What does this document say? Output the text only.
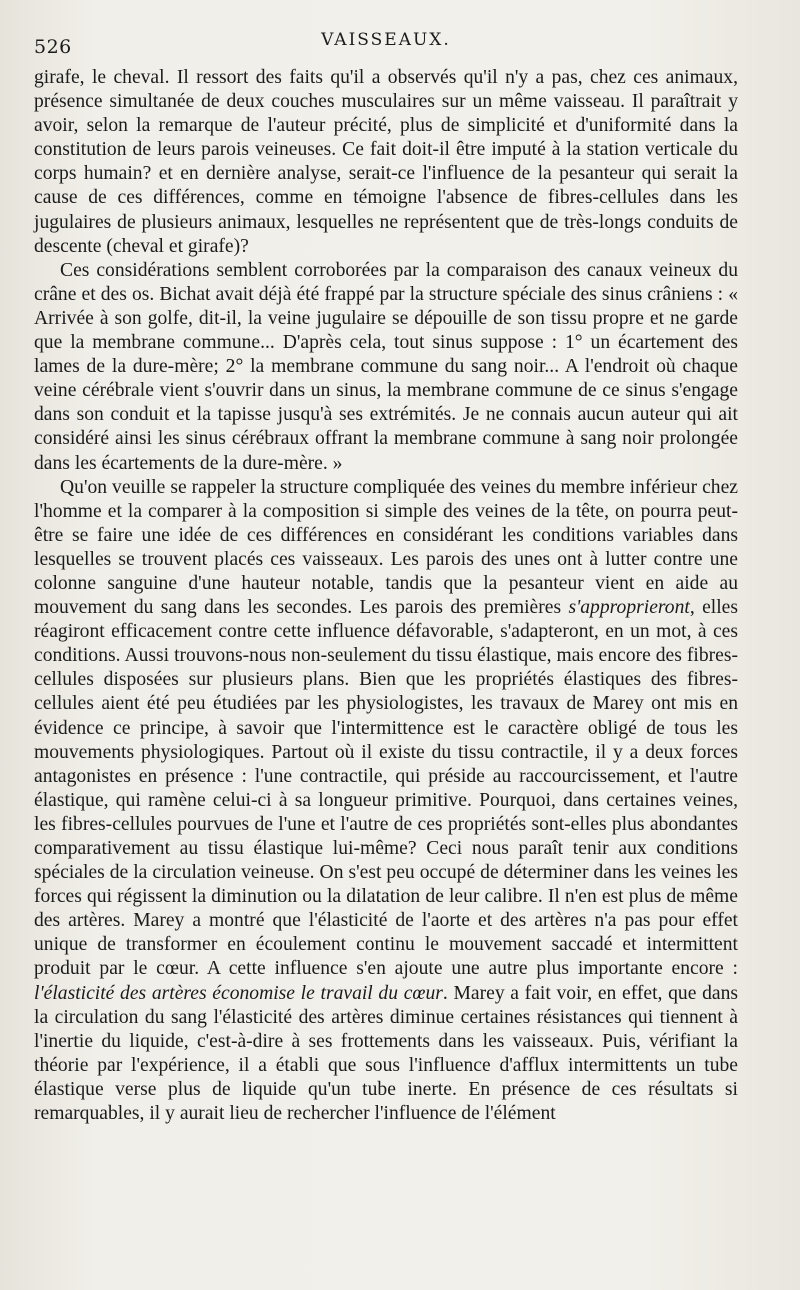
526	VAISSEAUX.

girafe, le cheval. Il ressort des faits qu'il a observés qu'il n'y a pas, chez ces animaux, présence simultanée de deux couches musculaires sur un même vaisseau. Il paraîtrait y avoir, selon la remarque de l'auteur précité, plus de simplicité et d'uniformité dans la constitution de leurs parois veineuses. Ce fait doit-il être imputé à la station verticale du corps humain? et en dernière analyse, serait-ce l'influence de la pesanteur qui serait la cause de ces différences, comme en témoigne l'absence de fibres-cellules dans les jugulaires de plusieurs animaux, lesquelles ne représentent que de très-longs conduits de descente (cheval et girafe)?

Ces considérations semblent corroborées par la comparaison des canaux veineux du crâne et des os. Bichat avait déjà été frappé par la structure spéciale des sinus crâniens : « Arrivée à son golfe, dit-il, la veine jugulaire se dépouille de son tissu propre et ne garde que la membrane commune... D'après cela, tout sinus suppose : 1° un écartement des lames de la dure-mère; 2° la membrane commune du sang noir... A l'endroit où chaque veine cérébrale vient s'ouvrir dans un sinus, la membrane commune de ce sinus s'engage dans son conduit et la tapisse jusqu'à ses extrémités. Je ne connais aucun auteur qui ait considéré ainsi les sinus cérébraux offrant la membrane commune à sang noir prolongée dans les écartements de la dure-mère. »

Qu'on veuille se rappeler la structure compliquée des veines du membre inférieur chez l'homme et la comparer à la composition si simple des veines de la tête, on pourra peut-être se faire une idée de ces différences en considérant les conditions variables dans lesquelles se trouvent placés ces vaisseaux. Les parois des unes ont à lutter contre une colonne sanguine d'une hauteur notable, tandis que la pesanteur vient en aide au mouvement du sang dans les secondes. Les parois des premières s'approprieront, elles réagiront efficacement contre cette influence défavorable, s'adapteront, en un mot, à ces conditions. Aussi trouvons-nous non-seulement du tissu élastique, mais encore des fibres-cellules disposées sur plusieurs plans. Bien que les propriétés élastiques des fibres-cellules aient été peu étudiées par les physiologistes, les travaux de Marey ont mis en évidence ce principe, à savoir que l'intermittence est le caractère obligé de tous les mouvements physiologiques. Partout où il existe du tissu contractile, il y a deux forces antagonistes en présence : l'une contractile, qui préside au raccourcissement, et l'autre élastique, qui ramène celui-ci à sa longueur primitive. Pourquoi, dans certaines veines, les fibres-cellules pourvues de l'une et l'autre de ces propriétés sont-elles plus abondantes comparativement au tissu élastique lui-même? Ceci nous paraît tenir aux conditions spéciales de la circulation veineuse. On s'est peu occupé de déterminer dans les veines les forces qui régissent la diminution ou la dilatation de leur calibre. Il n'en est plus de même des artères. Marey a montré que l'élasticité de l'aorte et des artères n'a pas pour effet unique de transformer en écoulement continu le mouvement saccadé et intermittent produit par le cœur. A cette influence s'en ajoute une autre plus importante encore : l'élasticité des artères économise le travail du cœur. Marey a fait voir, en effet, que dans la circulation du sang l'élasticité des artères diminue certaines résistances qui tiennent à l'inertie du liquide, c'est-à-dire à ses frottements dans les vaisseaux. Puis, vérifiant la théorie par l'expérience, il a établi que sous l'influence d'afflux intermittents un tube élastique verse plus de liquide qu'un tube inerte. En présence de ces résultats si remarquables, il y aurait lieu de rechercher l'influence de l'élément
